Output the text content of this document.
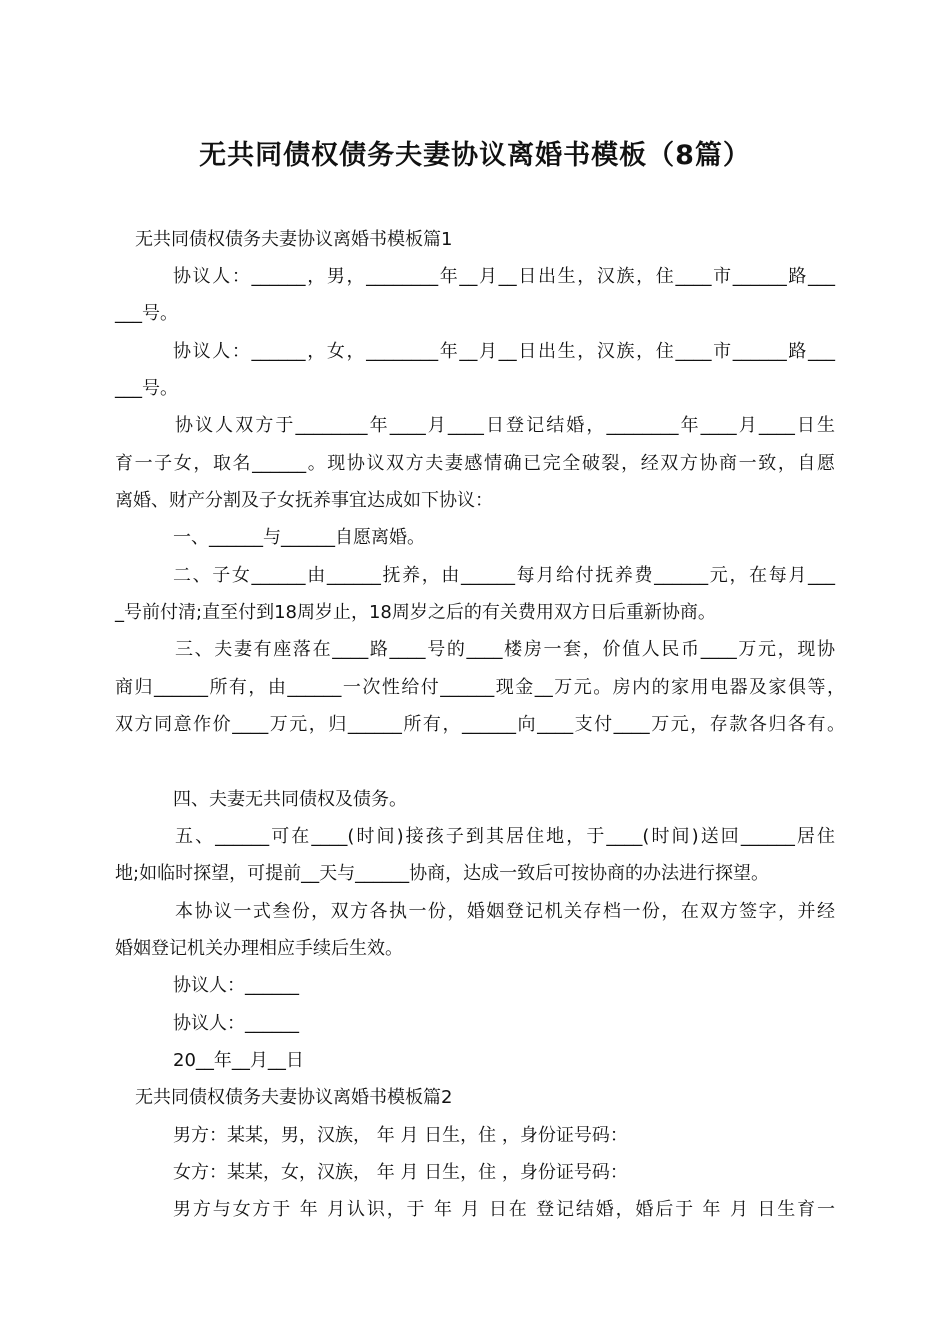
无共同债权债务夫妻协议离婚书模板（8篇）
无共同债权债务夫妻协议离婚书模板篇1
协议人：______，男，________年__月__日出生，汉族，住____市______路___
___号。
协议人：______，女，________年__月__日出生，汉族，住____市______路___
___号。
协议人双方于________年____月____日登记结婚，________年____月____日生
育一子女，取名______。现协议双方夫妻感情确已完全破裂，经双方协商一致，自愿
离婚、财产分割及子女抚养事宜达成如下协议：
一、______与______自愿离婚。
二、子女______由______抚养，由______每月给付抚养费______元，在每月___
_号前付清;直至付到18周岁止，18周岁之后的有关费用双方日后重新协商。
三、夫妻有座落在____路____号的____楼房一套，价值人民币____万元，现协
商归______所有，由______一次性给付______现金__万元。房内的家用电器及家俱等，
双方同意作价____万元，归______所有，______向____支付____万元，存款各归各有。
四、夫妻无共同债权及债务。
五、______可在____(时间)接孩子到其居住地，于____(时间)送回______居住
地;如临时探望，可提前__天与______协商，达成一致后可按协商的办法进行探望。
本协议一式叁份，双方各执一份，婚姻登记机关存档一份，在双方签字，并经
婚姻登记机关办理相应手续后生效。
协议人：______
协议人：______
20__年__月__日
无共同债权债务夫妻协议离婚书模板篇2
男方：某某，男，汉族， 年 月 日生，住 ，身份证号码：
女方：某某，女，汉族， 年 月 日生，住 ，身份证号码：
男方与女方于 年 月认识，于 年 月 日在 登记结婚，婚后于 年 月 日生育一
